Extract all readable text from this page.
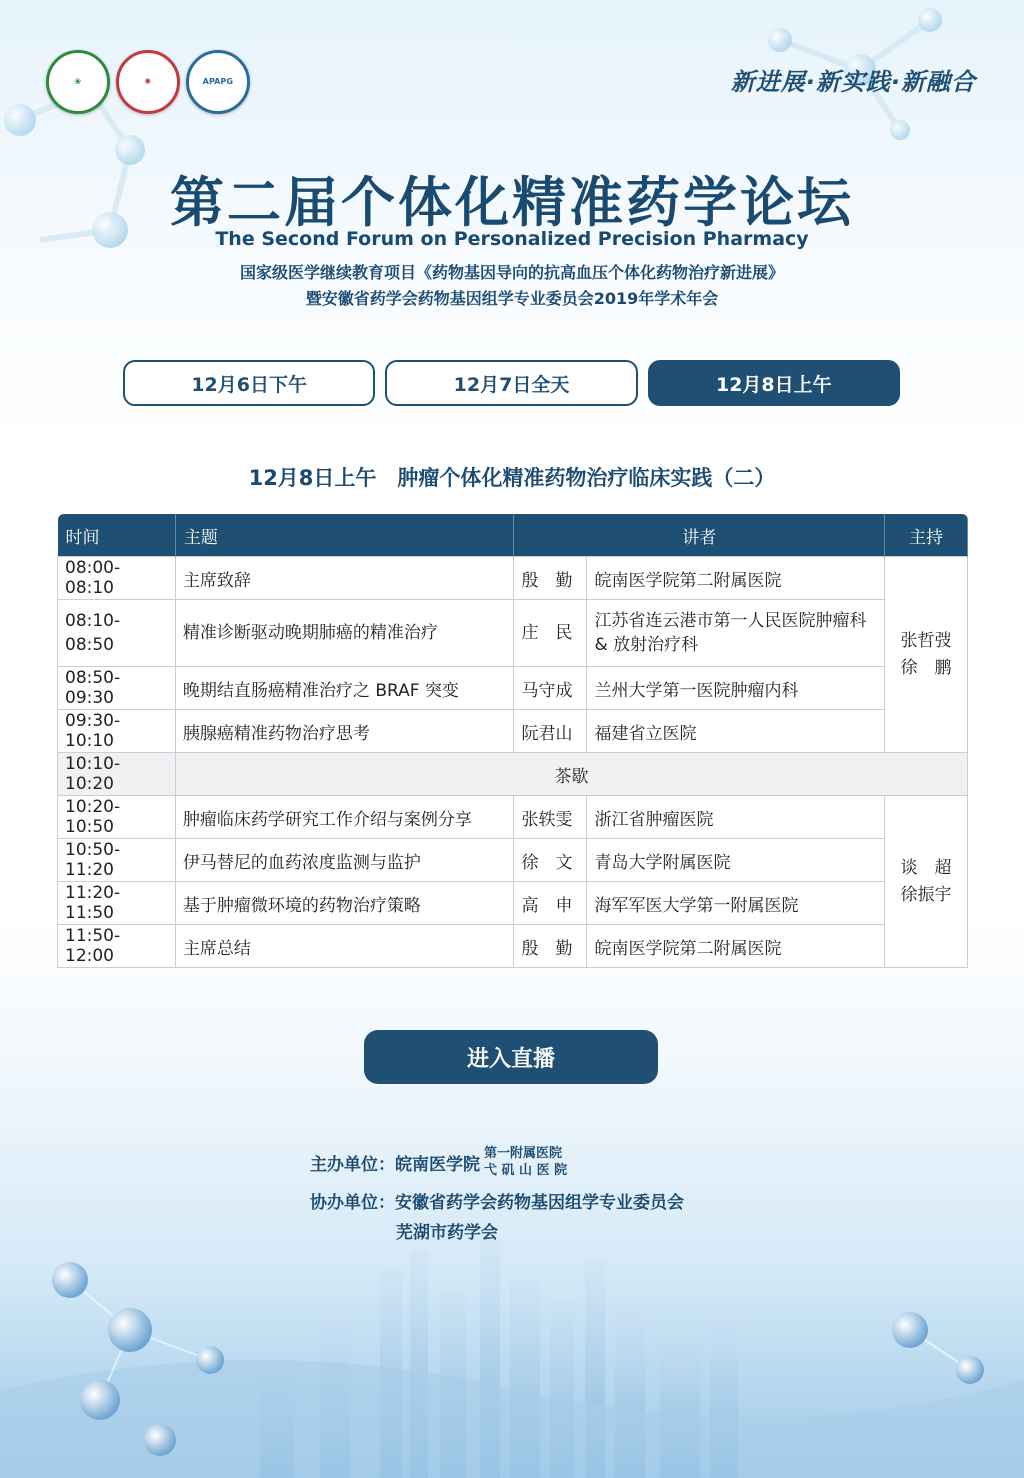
❀	✺	APAPG	新进展·新实践·新融合
第二届个体化精准药学论坛
The Second Forum on Personalized Precision Pharmacy
国家级医学继续教育项目《药物基因导向的抗高血压个体化药物治疗新进展》
暨安徽省药学会药物基因组学专业委员会2019年学术年会
12月6日下午	12月7日全天	12月8日上午
12月8日上午　肿瘤个体化精准药物治疗临床实践（二）
时间	主题	讲者		主持
08:00-08:10	主席致辞	殷　勤	皖南医学院第二附属医院	张哲弢
徐　鹏

08:10-08:50	精准诊断驱动晚期肺癌的精准治疗	庄　民	江苏省连云港市第一人民医院肿瘤科 & 放射治疗科	
08:50-09:30	晚期结直肠癌精准治疗之 BRAF 突变	马守成	兰州大学第一医院肿瘤内科	
09:30-10:10	胰腺癌精准药物治疗思考	阮君山	福建省立医院	
10:10-10:20	茶歇			
10:20-10:50	肿瘤临床药学研究工作介绍与案例分享	张轶雯	浙江省肿瘤医院	谈　超
徐振宇

10:50-11:20	伊马替尼的血药浓度监测与监护	徐　文	青岛大学附属医院	
11:20-11:50	基于肿瘤微环境的药物治疗策略	高　申	海军军医大学第一附属医院	
11:50-12:00	主席总结	殷　勤	皖南医学院第二附属医院	
进入直播
主办单位： 皖南医学院
第一附属医院
弋 矶 山 医 院
协办单位：安徽省药学会药物基因组学专业委员会
芜湖市药学会
